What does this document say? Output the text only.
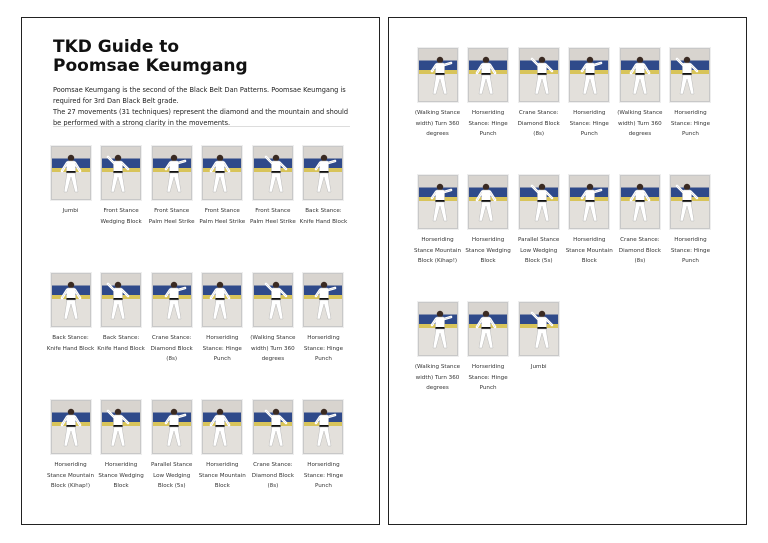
TKD Guide to
Poomsae Keumgang

Poomsae Keumgang is the second of the Black Belt Dan Patterns. Poomsae Keumgang is required for 3rd Dan Black Belt grade.

The 27 movements (31 techniques) represent the diamond and the mountain and should be performed with a strong clarity in the movements.

Jumbi	Front Stance Wedging Block
Front Stance Palm Heel Strike
Front Stance Palm Heel Strike
Front Stance Palm Heel Strike
Back Stance: Knife Hand Block
Back Stance: Knife Hand Block
Back Stance: Knife Hand Block
Crane Stance: Diamond Block (8s)
Horseriding Stance: Hinge Punch
(Walking Stance width) Turn 360 degrees
Horseriding Stance: Hinge Punch
Horseriding Stance Mountain Block (Kihap!)
Horseriding Stance Wedging Block
Parallel Stance Low Wedging Block (5s)
Horseriding Stance Mountain Block
Crane Stance: Diamond Block (8s)
Horseriding Stance: Hinge Punch
(Walking Stance width) Turn 360 degrees
Horseriding Stance: Hinge Punch
Crane Stance: Diamond Block (8s)
Horseriding Stance: Hinge Punch
(Walking Stance width) Turn 360 degrees
Horseriding Stance: Hinge Punch
Horseriding Stance Mountain Block (Kihap!)
Horseriding Stance Wedging Block
Parallel Stance Low Wedging Block (5s)
Horseriding Stance Mountain Block
Crane Stance: Diamond Block (8s)
Horseriding Stance: Hinge Punch
(Walking Stance width) Turn 360 degrees
Horseriding Stance: Hinge Punch
Jumbi
